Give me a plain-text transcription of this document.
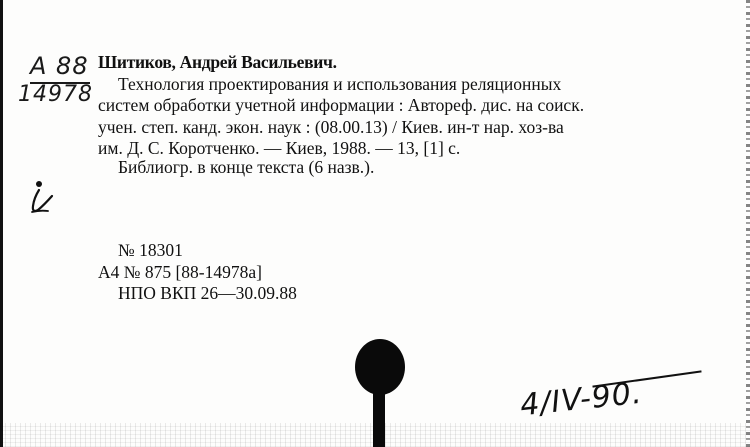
А 88
14978
Шитиков, Андрей Васильевич.
Технология проектирования и использования реляционных
систем обработки учетной информации : Автореф. дис. на соиск.
учен. степ. канд. экон. наук : (08.00.13) / Киев. ин-т нар. хоз-ва
им. Д. С. Коротченко. — Киев, 1988. — 13, [1] с.
Библиогр. в конце текста (6 назв.).
№ 18301
А4 № 875 [88-14978а]
НПО ВКП 26—30.09.88
4/IV-90.
